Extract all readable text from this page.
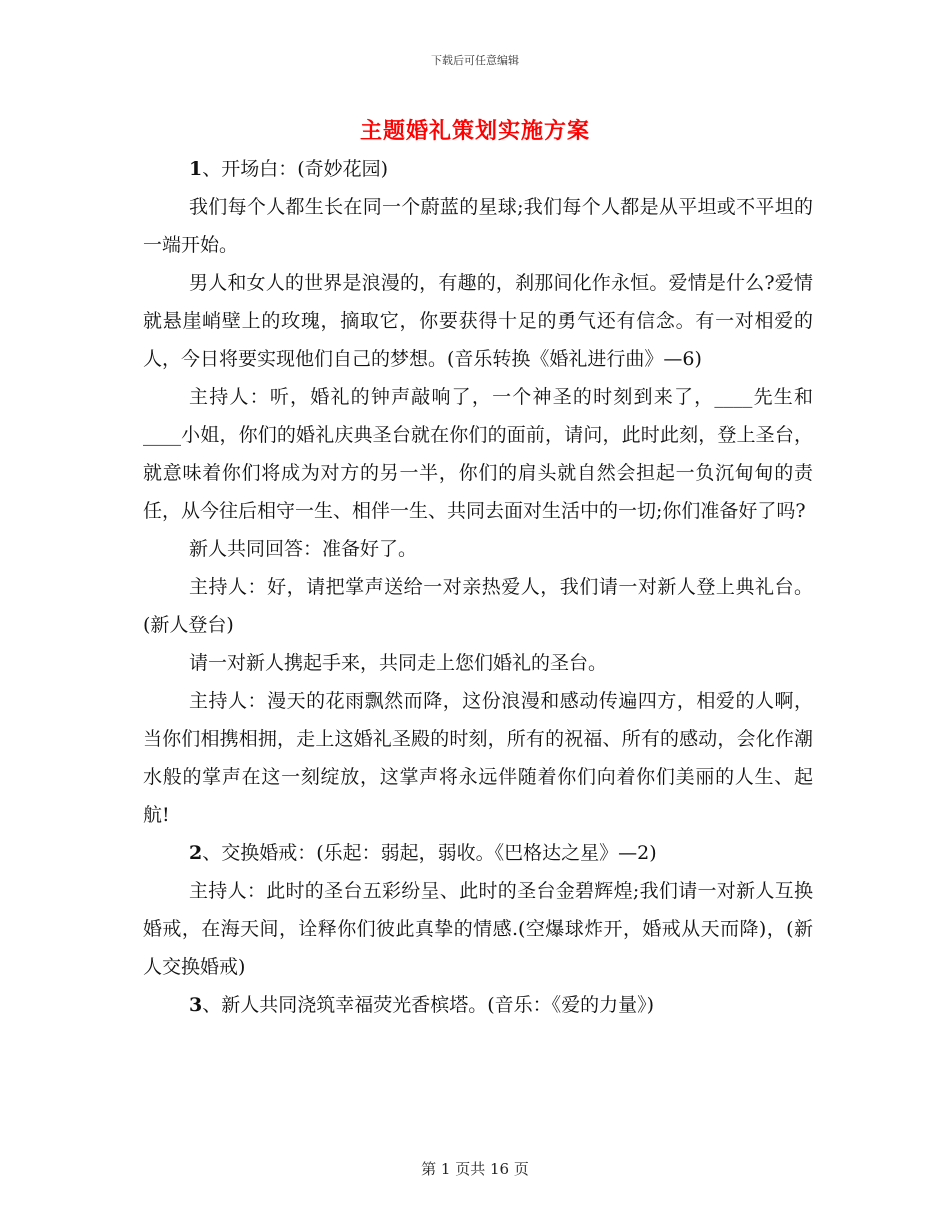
下载后可任意编辑
主题婚礼策划实施方案

1、开场白：(奇妙花园)

我们每个人都生长在同一个蔚蓝的星球;我们每个人都是从平坦或不平坦的一端开始。

男人和女人的世界是浪漫的，有趣的，刹那间化作永恒。爱情是什么?爱情就悬崖峭壁上的玫瑰，摘取它，你要获得十足的勇气还有信念。有一对相爱的人，今日将要实现他们自己的梦想。(音乐转换《婚礼进行曲》—6)

主持人：听，婚礼的钟声敲响了，一个神圣的时刻到来了，____先生和____小姐，你们的婚礼庆典圣台就在你们的面前，请问，此时此刻，登上圣台，就意味着你们将成为对方的另一半，你们的肩头就自然会担起一负沉甸甸的责任，从今往后相守一生、相伴一生、共同去面对生活中的一切;你们准备好了吗?

新人共同回答：准备好了。

主持人：好，请把掌声送给一对亲热爱人，我们请一对新人登上典礼台。(新人登台)

请一对新人携起手来，共同走上您们婚礼的圣台。

主持人：漫天的花雨飘然而降，这份浪漫和感动传遍四方，相爱的人啊，当你们相携相拥，走上这婚礼圣殿的时刻，所有的祝福、所有的感动，会化作潮水般的掌声在这一刻绽放，这掌声将永远伴随着你们向着你们美丽的人生、起航!

2、交换婚戒：(乐起：弱起，弱收。《巴格达之星》—2)

主持人：此时的圣台五彩纷呈、此时的圣台金碧辉煌;我们请一对新人互换婚戒，在海天间，诠释你们彼此真挚的情感.(空爆球炸开，婚戒从天而降)，(新人交换婚戒)

3、新人共同浇筑幸福荧光香槟塔。(音乐：《爱的力量》)

第 1 页共 16 页
